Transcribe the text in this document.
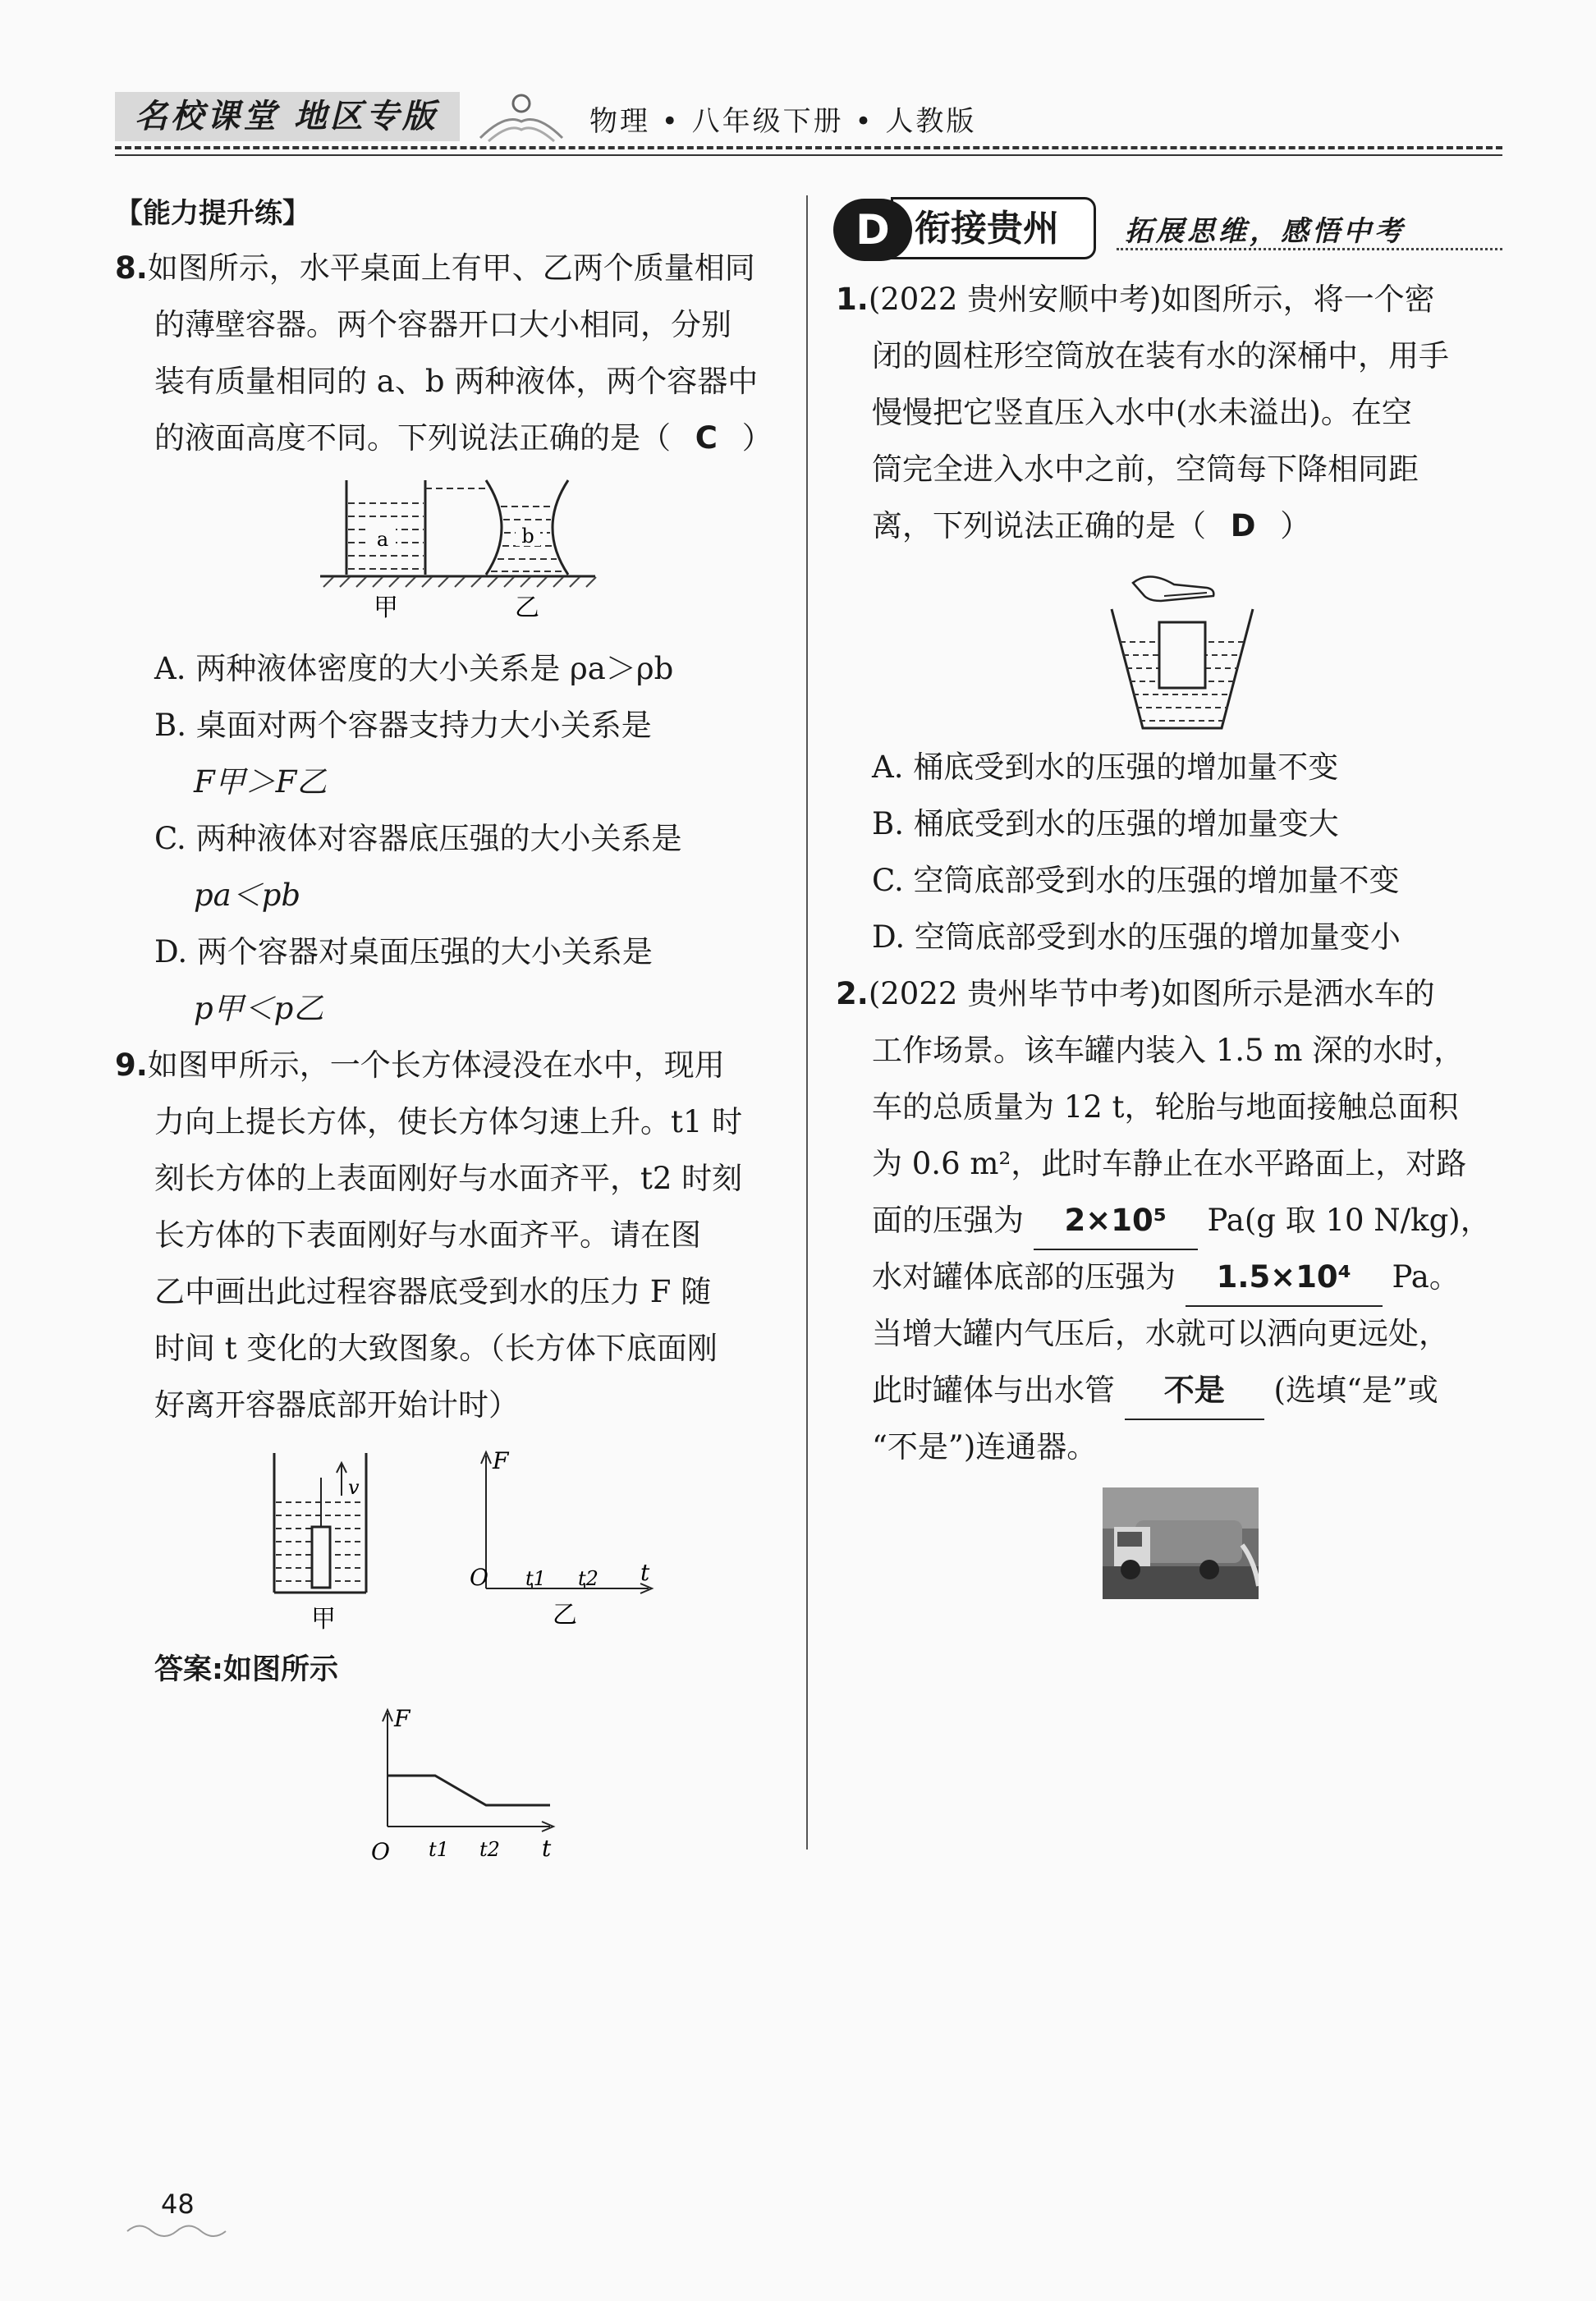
名校课堂 地区专版	物理 • 八年级下册 • 人教版
【能力提升练】
8.如图所示，水平桌面上有甲、乙两个质量相同
的薄壁容器。两个容器开口大小相同，分别
装有质量相同的 a、b 两种液体，两个容器中
的液面高度不同。下列说法正确的是（ C ）
a	b
甲	乙
A. 两种液体密度的大小关系是 ρa＞ρb
B. 桌面对两个容器支持力大小关系是
F甲＞F乙
C. 两种液体对容器底压强的大小关系是
pa＜pb
D. 两个容器对桌面压强的大小关系是
p甲＜p乙
9.如图甲所示，一个长方体浸没在水中，现用
力向上提长方体，使长方体匀速上升。t1 时
刻长方体的上表面刚好与水面齐平，t2 时刻
长方体的下表面刚好与水面齐平。请在图
乙中画出此过程容器底受到水的压力 F 随
时间 t 变化的大致图象。（长方体下底面刚
好离开容器底部开始计时）
v
甲
F
O t1 t2 t
乙
答案:如图所示
F
O t1 t2 t
衔接贵州
D	拓展思维，感悟中考
1.(2022 贵州安顺中考)如图所示，将一个密
闭的圆柱形空筒放在装有水的深桶中，用手
慢慢把它竖直压入水中(水未溢出)。在空
筒完全进入水中之前，空筒每下降相同距
离，下列说法正确的是（ D ）
A. 桶底受到水的压强的增加量不变
B. 桶底受到水的压强的增加量变大
C. 空筒底部受到水的压强的增加量不变
D. 空筒底部受到水的压强的增加量变小
2.(2022 贵州毕节中考)如图所示是洒水车的
工作场景。该车罐内装入 1.5 m 深的水时，
车的总质量为 12 t，轮胎与地面接触总面积
为 0.6 m²，此时车静止在水平路面上，对路
面的压强为 2×10⁵ Pa(g 取 10 N/kg)，
水对罐体底部的压强为 1.5×10⁴ Pa。
当增大罐内气压后，水就可以洒向更远处，
此时罐体与出水管 不是 (选填“是”或
“不是”)连通器。
48
